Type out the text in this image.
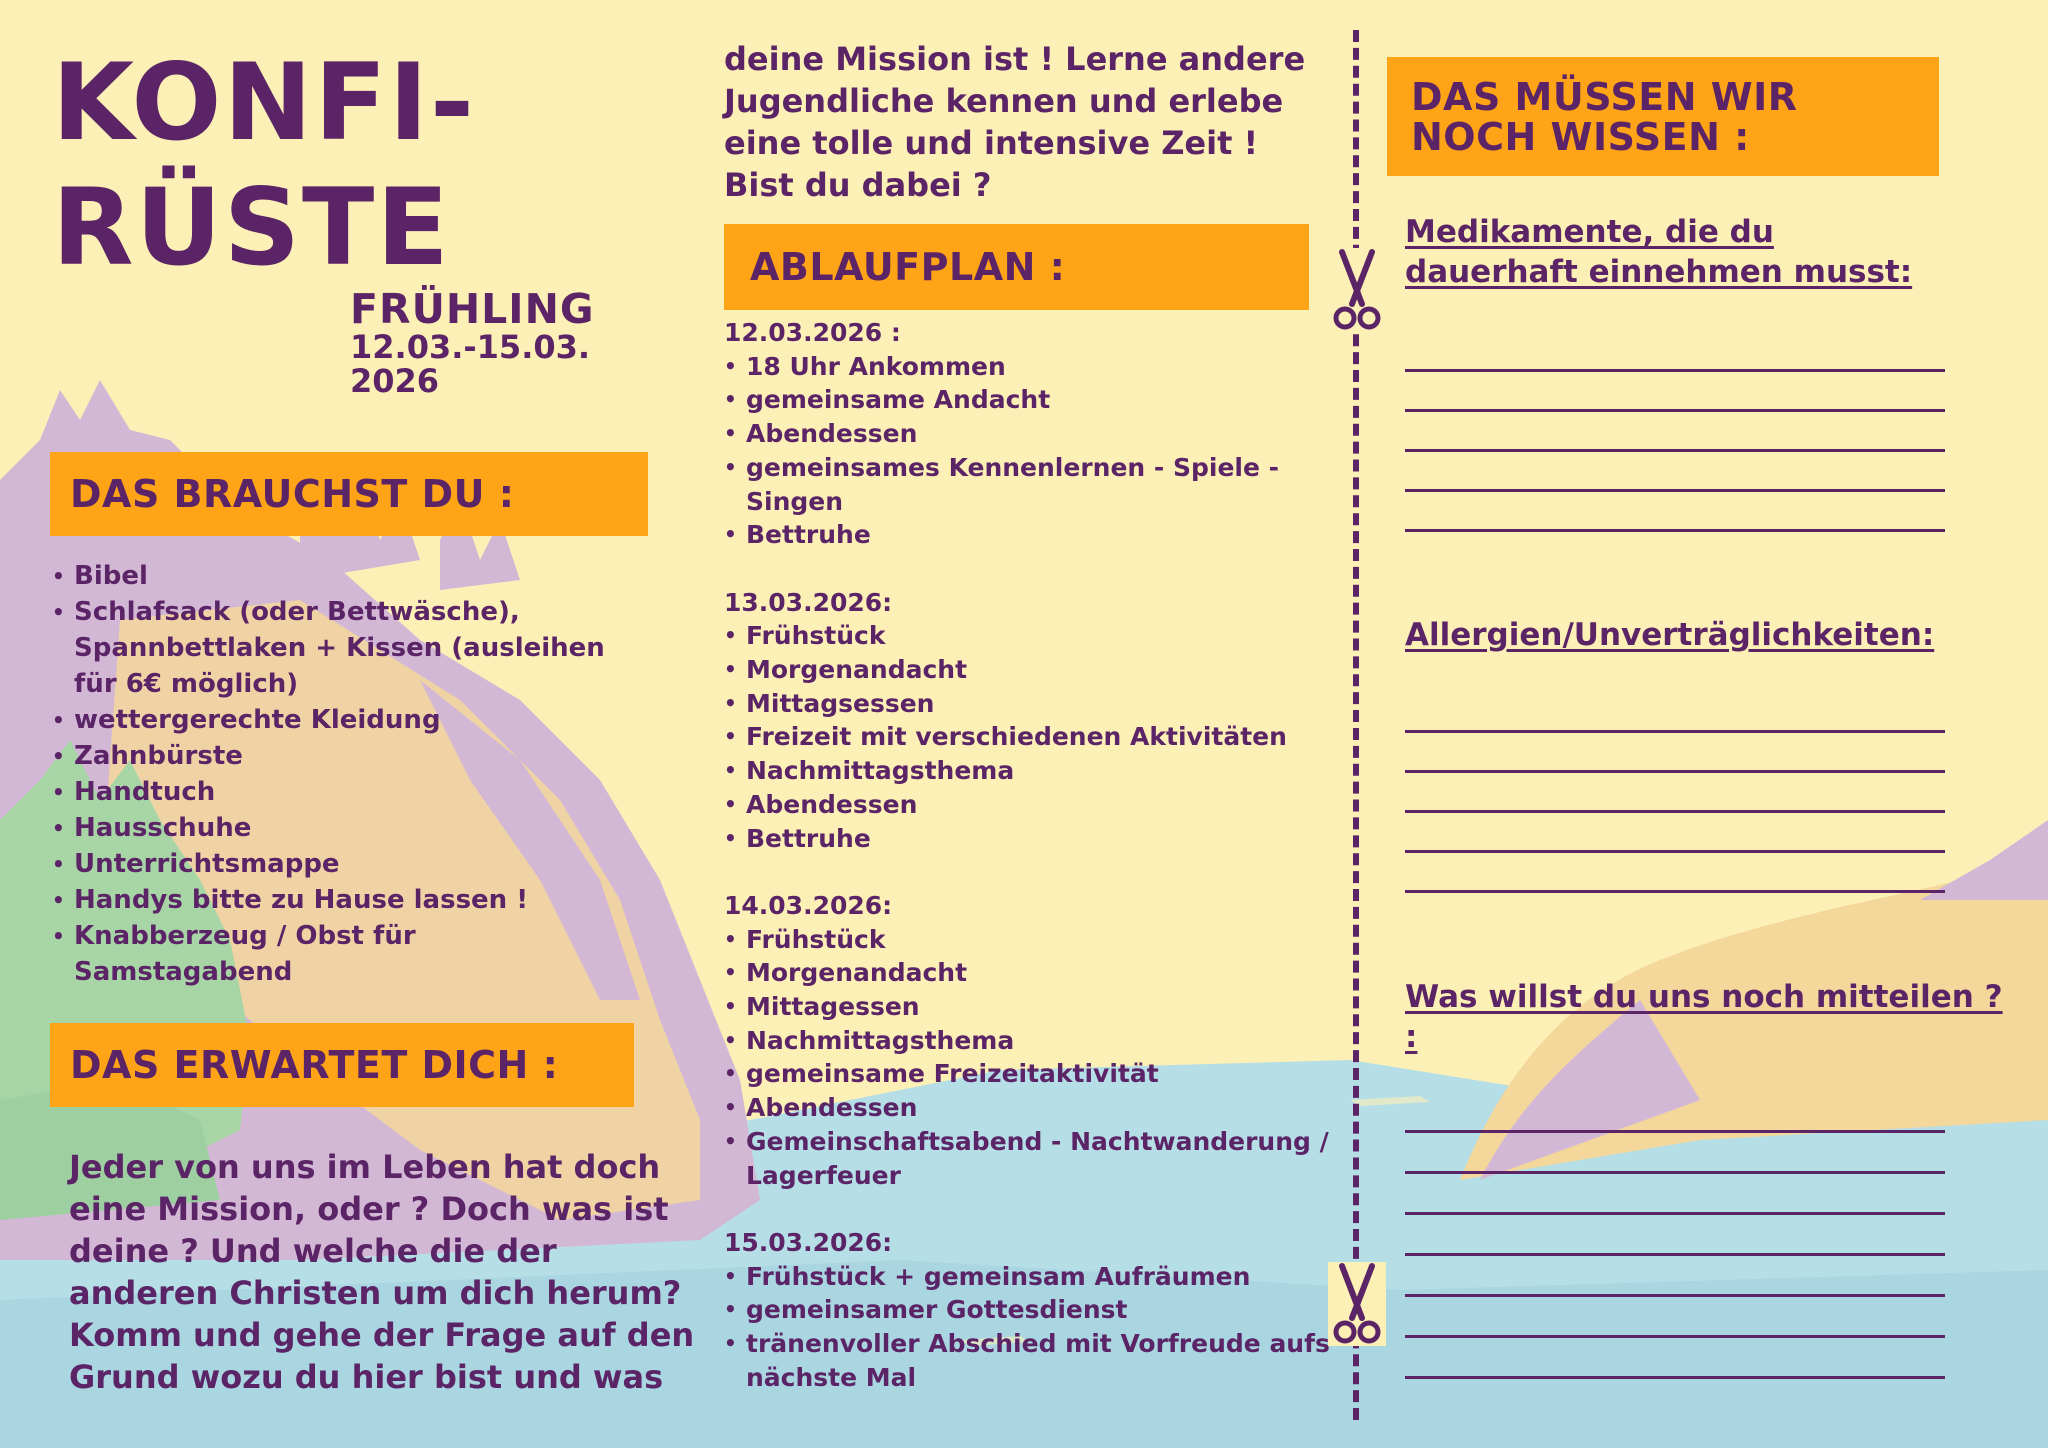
KONFI-
RÜSTE
FRÜHLING
12.03.-15.03.
2026
DAS BRAUCHST DU :
• Bibel
• Schlafsack (oder Bettwäsche), Spannbettlaken + Kissen (ausleihen für 6€ möglich)
• wettergerechte Kleidung
• Zahnbürste
• Handtuch
• Hausschuhe
• Unterrichtsmappe
• Handys bitte zu Hause lassen !
• Knabberzeug / Obst für Samstagabend
DAS ERWARTET DICH :
Jeder von uns im Leben hat doch eine Mission, oder ? Doch was ist deine ? Und welche die der anderen Christen um dich herum? Komm und gehe der Frage auf den Grund wozu du hier bist und was
deine Mission ist ! Lerne andere Jugendliche kennen und erlebe eine tolle und intensive Zeit !
Bist du dabei ?
ABLAUFPLAN :
12.03.2026 :
• 18 Uhr Ankommen
• gemeinsame Andacht
• Abendessen
• gemeinsames Kennenlernen - Spiele - Singen
• Bettruhe
13.03.2026:
• Frühstück
• Morgenandacht
• Mittagsessen
• Freizeit mit verschiedenen Aktivitäten
• Nachmittagsthema
• Abendessen
• Bettruhe
14.03.2026:
• Frühstück
• Morgenandacht
• Mittagessen
• Nachmittagsthema
• gemeinsame Freizeitaktivität
• Abendessen
• Gemeinschaftsabend - Nachtwanderung / Lagerfeuer
15.03.2026:
• Frühstück + gemeinsam Aufräumen
• gemeinsamer Gottesdienst
• tränenvoller Abschied mit Vorfreude aufs nächste Mal
DAS MÜSSEN WIR NOCH WISSEN :
Medikamente, die du dauerhaft einnehmen musst:
Allergien/Unverträglichkeiten:
Was willst du uns noch mitteilen ? :
